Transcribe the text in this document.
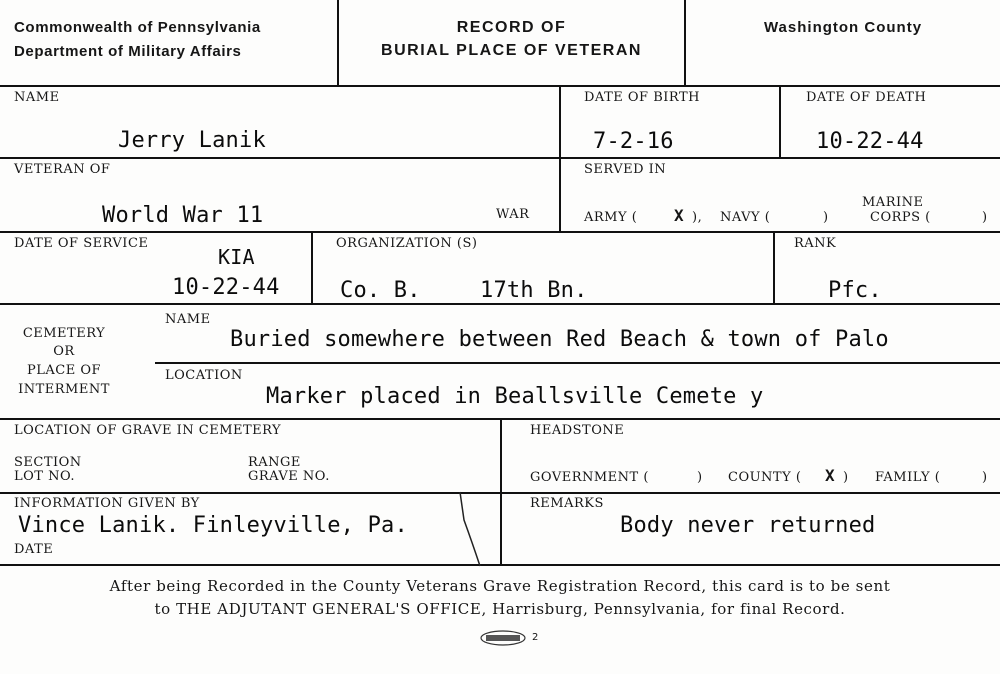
Commonwealth of Pennsylvania
Department of Military Affairs
RECORD OF
BURIAL PLACE OF VETERAN
Washington County
NAME
Jerry Lanik
DATE OF BIRTH
7-2-16
DATE OF DEATH
10-22-44
VETERAN OF
World War 11	WAR
SERVED IN
ARMY ( X ), NAVY (	)
MARINE
CORPS (	)
DATE OF SERVICE
KIA
10-22-44
ORGANIZATION (S)
Co. B.	17th Bn.
RANK
Pfc.
CEMETERY
OR
PLACE OF
INTERMENT
NAME
Buried somewhere between Red Beach & town of Palo
LOCATION
Marker placed in Beallsville Cemete y
LOCATION OF GRAVE IN CEMETERY
SECTION
LOT NO.
RANGE
GRAVE NO.
HEADSTONE
GOVERNMENT (	) COUNTY ( X ) FAMILY (	)
INFORMATION GIVEN BY
Vince Lanik. Finleyville, Pa.
DATE
REMARKS
Body never returned
After being Recorded in the County Veterans Grave Registration Record, this card is to be sent
to THE ADJUTANT GENERAL'S OFFICE, Harrisburg, Pennsylvania, for final Record.
2
